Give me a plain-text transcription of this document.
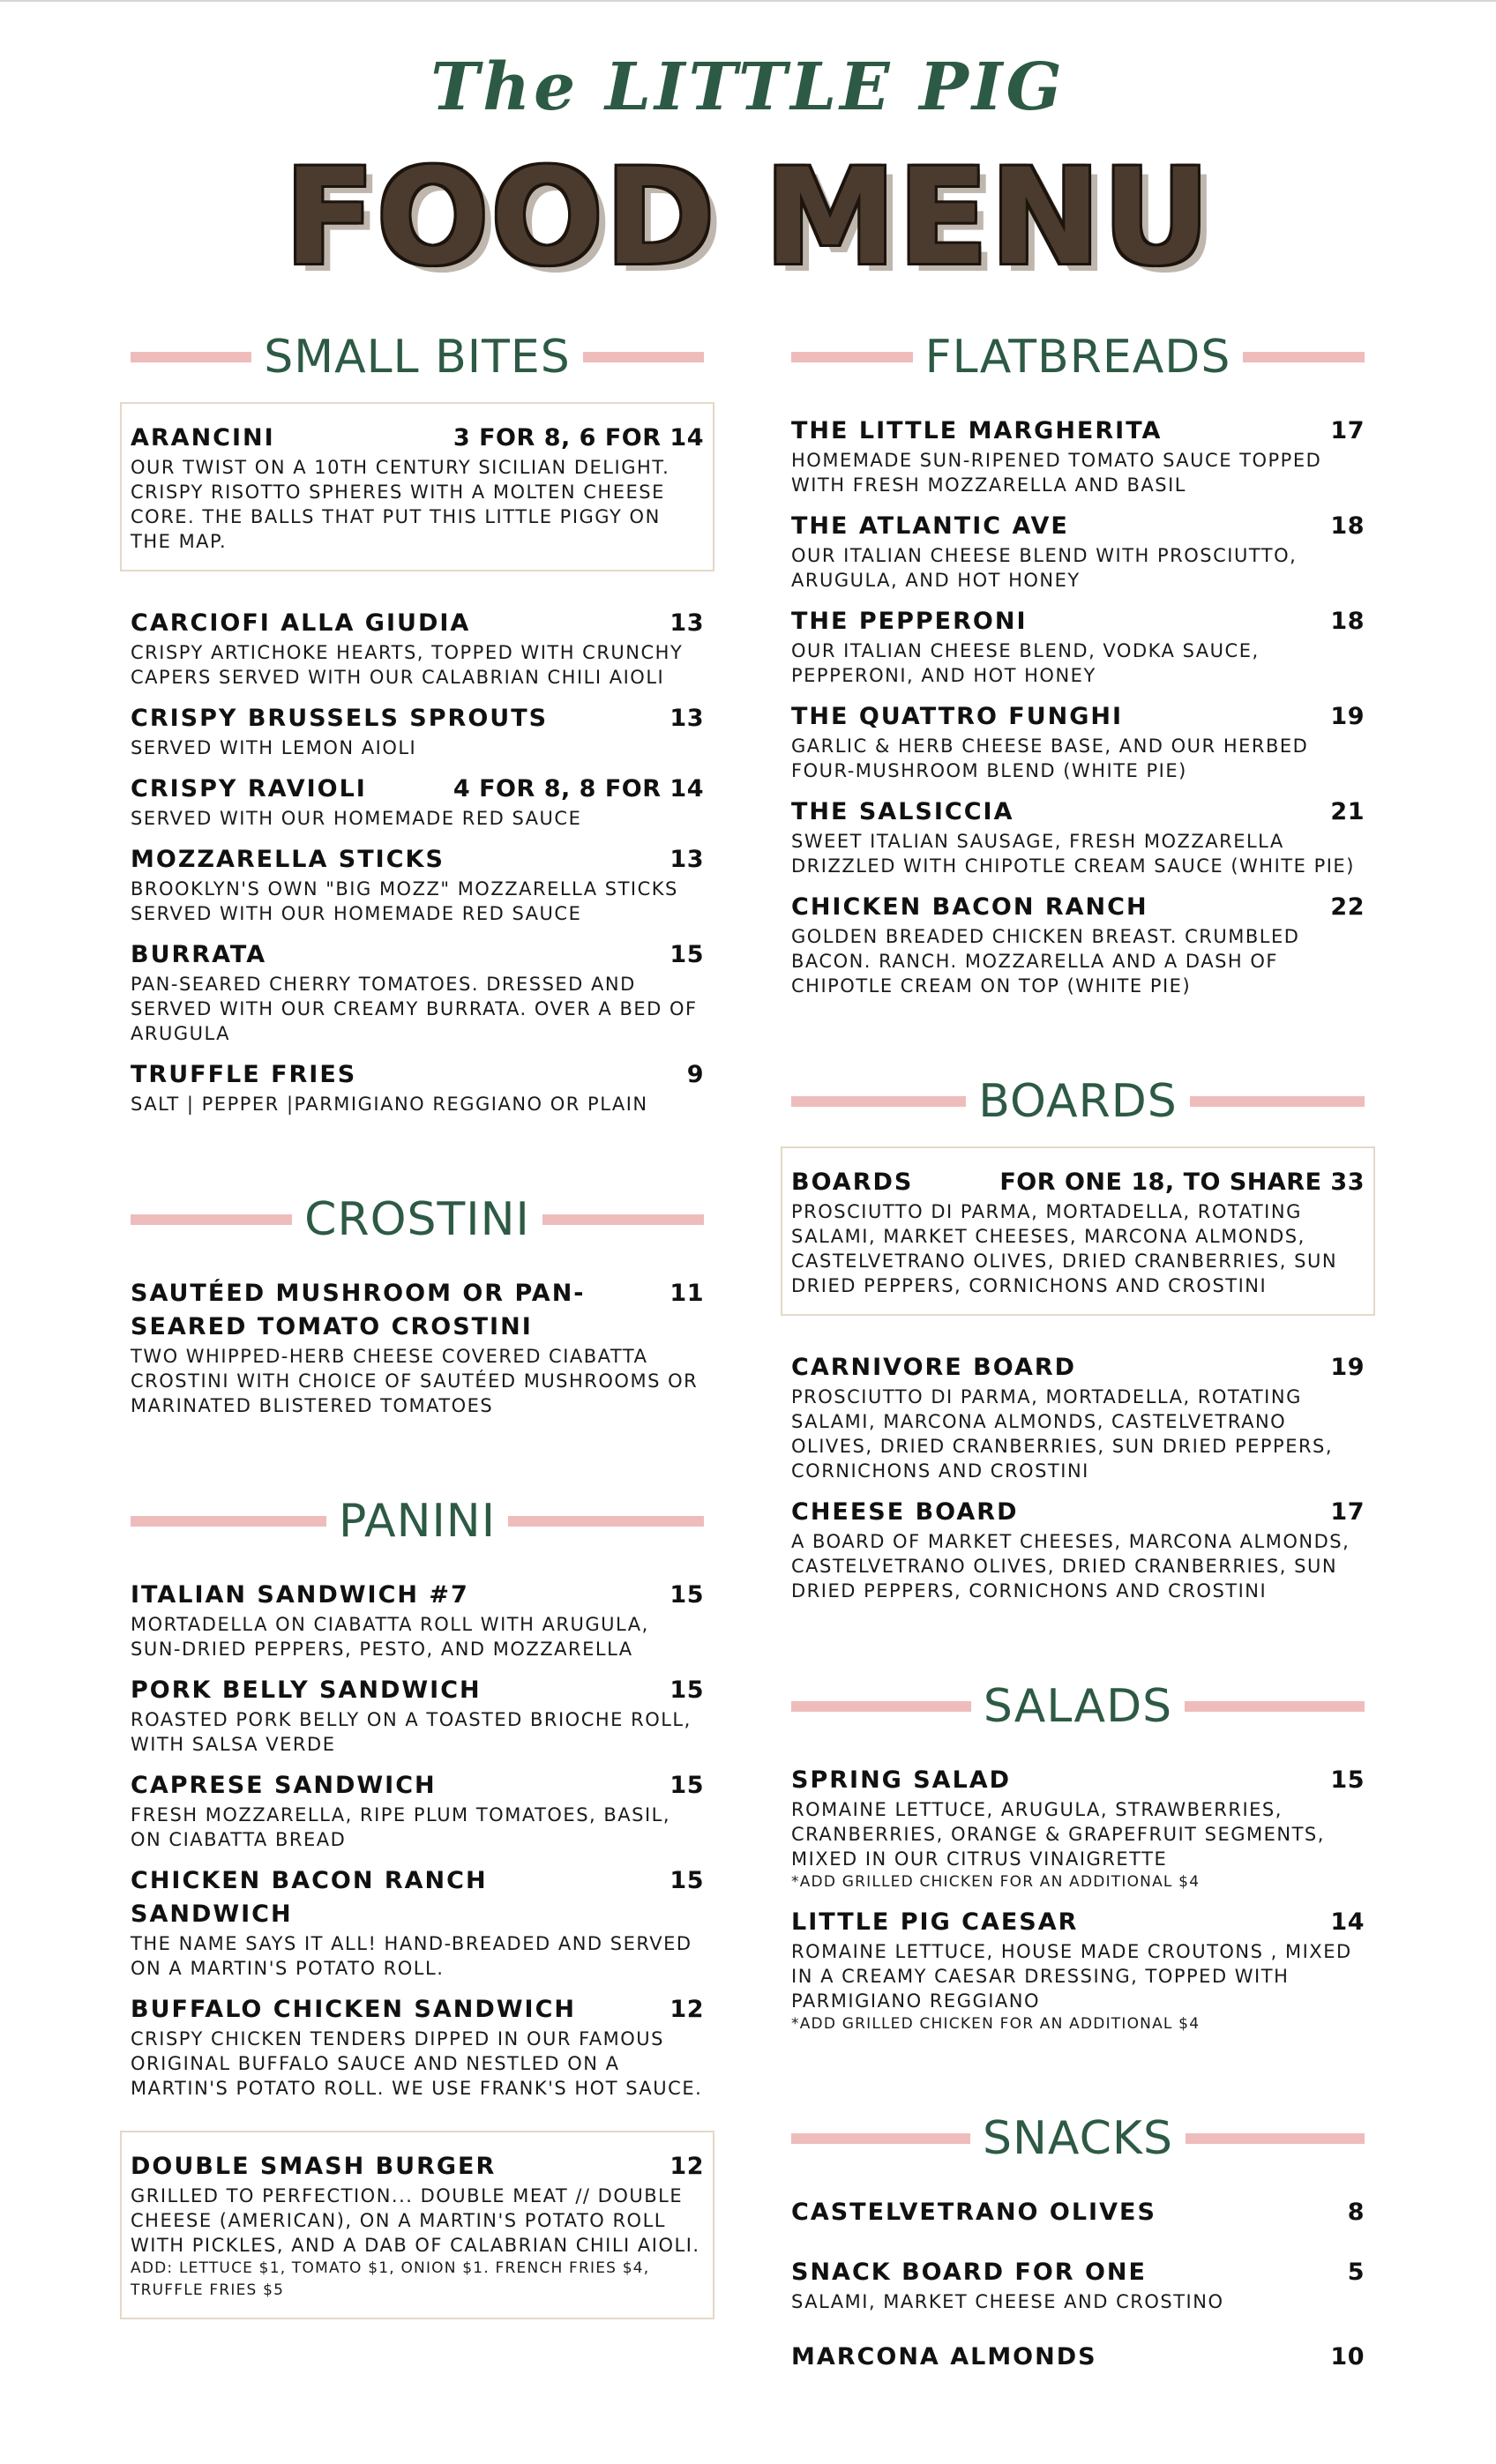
The LITTLE PIG
FOOD MENU
SMALL BITES
ARANCINI	3 FOR 8, 6 FOR 14
OUR TWIST ON A 10TH CENTURY SICILIAN DELIGHT. CRISPY RISOTTO SPHERES WITH A MOLTEN CHEESE CORE. THE BALLS THAT PUT THIS LITTLE PIGGY ON THE MAP.
CARCIOFI ALLA GIUDIA	13
CRISPY ARTICHOKE HEARTS, TOPPED WITH CRUNCHY CAPERS SERVED WITH OUR CALABRIAN CHILI AIOLI
CRISPY BRUSSELS SPROUTS	13
SERVED WITH LEMON AIOLI
CRISPY RAVIOLI	4 FOR 8, 8 FOR 14
SERVED WITH OUR HOMEMADE RED SAUCE
MOZZARELLA STICKS	13
BROOKLYN'S OWN "BIG MOZZ" MOZZARELLA STICKS SERVED WITH OUR HOMEMADE RED SAUCE
BURRATA	15
PAN-SEARED CHERRY TOMATOES. DRESSED AND SERVED WITH OUR CREAMY BURRATA. OVER A BED OF ARUGULA
TRUFFLE FRIES	9
SALT | PEPPER |PARMIGIANO REGGIANO OR PLAIN
CROSTINI
SAUTÉED MUSHROOM OR PAN-SEARED TOMATO CROSTINI
11
TWO WHIPPED-HERB CHEESE COVERED CIABATTA CROSTINI WITH CHOICE OF SAUTÉED MUSHROOMS OR MARINATED BLISTERED TOMATOES
PANINI
ITALIAN SANDWICH #7	15
MORTADELLA ON CIABATTA ROLL WITH ARUGULA, SUN-DRIED PEPPERS, PESTO, AND MOZZARELLA
PORK BELLY SANDWICH	15
ROASTED PORK BELLY ON A TOASTED BRIOCHE ROLL, WITH SALSA VERDE
CAPRESE SANDWICH	15
FRESH MOZZARELLA, RIPE PLUM TOMATOES, BASIL, ON CIABATTA BREAD
CHICKEN BACON RANCH SANDWICH
15
THE NAME SAYS IT ALL! HAND-BREADED AND SERVED ON A MARTIN'S POTATO ROLL.
BUFFALO CHICKEN SANDWICH	12
CRISPY CHICKEN TENDERS DIPPED IN OUR FAMOUS ORIGINAL BUFFALO SAUCE AND NESTLED ON A MARTIN'S POTATO ROLL. WE USE FRANK'S HOT SAUCE.
DOUBLE SMASH BURGER	12
GRILLED TO PERFECTION... DOUBLE MEAT // DOUBLE CHEESE (AMERICAN), ON A MARTIN'S POTATO ROLL WITH PICKLES, AND A DAB OF CALABRIAN CHILI AIOLI.
ADD: LETTUCE $1, TOMATO $1, ONION $1. FRENCH FRIES $4, TRUFFLE FRIES $5
FLATBREADS
THE LITTLE MARGHERITA	17
HOMEMADE SUN-RIPENED TOMATO SAUCE TOPPED WITH FRESH MOZZARELLA AND BASIL
THE ATLANTIC AVE	18
OUR ITALIAN CHEESE BLEND WITH PROSCIUTTO, ARUGULA, AND HOT HONEY
THE PEPPERONI	18
OUR ITALIAN CHEESE BLEND, VODKA SAUCE, PEPPERONI, AND HOT HONEY
THE QUATTRO FUNGHI	19
GARLIC & HERB CHEESE BASE, AND OUR HERBED FOUR-MUSHROOM BLEND (WHITE PIE)
THE SALSICCIA	21
SWEET ITALIAN SAUSAGE, FRESH MOZZARELLA DRIZZLED WITH CHIPOTLE CREAM SAUCE (WHITE PIE)
CHICKEN BACON RANCH	22
GOLDEN BREADED CHICKEN BREAST. CRUMBLED BACON. RANCH. MOZZARELLA AND A DASH OF CHIPOTLE CREAM ON TOP (WHITE PIE)
BOARDS
BOARDS	FOR ONE 18, TO SHARE 33
PROSCIUTTO DI PARMA, MORTADELLA, ROTATING SALAMI, MARKET CHEESES, MARCONA ALMONDS, CASTELVETRANO OLIVES, DRIED CRANBERRIES, SUN DRIED PEPPERS, CORNICHONS AND CROSTINI
CARNIVORE BOARD	19
PROSCIUTTO DI PARMA, MORTADELLA, ROTATING SALAMI, MARCONA ALMONDS, CASTELVETRANO OLIVES, DRIED CRANBERRIES, SUN DRIED PEPPERS, CORNICHONS AND CROSTINI
CHEESE BOARD	17
A BOARD OF MARKET CHEESES, MARCONA ALMONDS, CASTELVETRANO OLIVES, DRIED CRANBERRIES, SUN DRIED PEPPERS, CORNICHONS AND CROSTINI
SALADS
SPRING SALAD	15
ROMAINE LETTUCE, ARUGULA, STRAWBERRIES, CRANBERRIES, ORANGE & GRAPEFRUIT SEGMENTS, MIXED IN OUR CITRUS VINAIGRETTE
*ADD GRILLED CHICKEN FOR AN ADDITIONAL $4
LITTLE PIG CAESAR	14
ROMAINE LETTUCE, HOUSE MADE CROUTONS , MIXED IN A CREAMY CAESAR DRESSING, TOPPED WITH PARMIGIANO REGGIANO
*ADD GRILLED CHICKEN FOR AN ADDITIONAL $4
SNACKS
CASTELVETRANO OLIVES	8
SNACK BOARD FOR ONE	5
SALAMI, MARKET CHEESE AND CROSTINO
MARCONA ALMONDS	10
